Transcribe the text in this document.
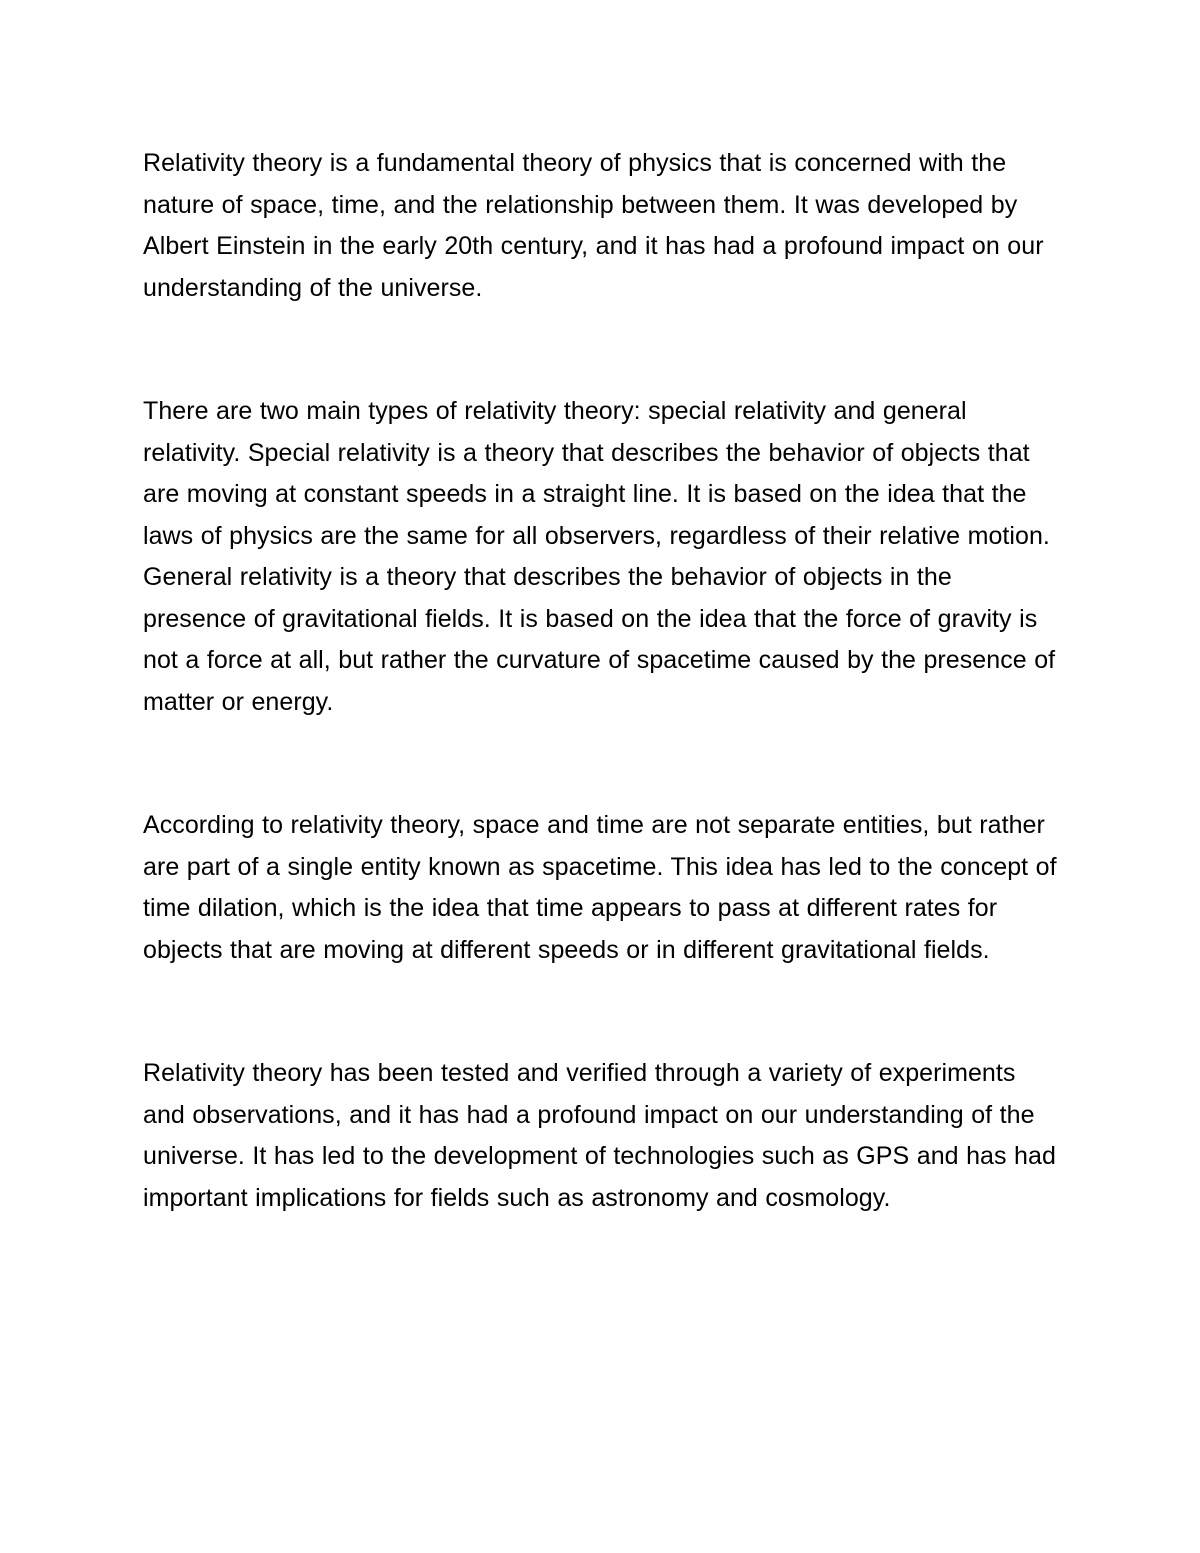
Relativity theory is a fundamental theory of physics that is concerned with the nature of space, time, and the relationship between them. It was developed by Albert Einstein in the early 20th century, and it has had a profound impact on our understanding of the universe.

There are two main types of relativity theory: special relativity and general relativity. Special relativity is a theory that describes the behavior of objects that are moving at constant speeds in a straight line. It is based on the idea that the laws of physics are the same for all observers, regardless of their relative motion. General relativity is a theory that describes the behavior of objects in the presence of gravitational fields. It is based on the idea that the force of gravity is not a force at all, but rather the curvature of spacetime caused by the presence of matter or energy.

According to relativity theory, space and time are not separate entities, but rather are part of a single entity known as spacetime. This idea has led to the concept of time dilation, which is the idea that time appears to pass at different rates for objects that are moving at different speeds or in different gravitational fields.

Relativity theory has been tested and verified through a variety of experiments and observations, and it has had a profound impact on our understanding of the universe. It has led to the development of technologies such as GPS and has had important implications for fields such as astronomy and cosmology.
